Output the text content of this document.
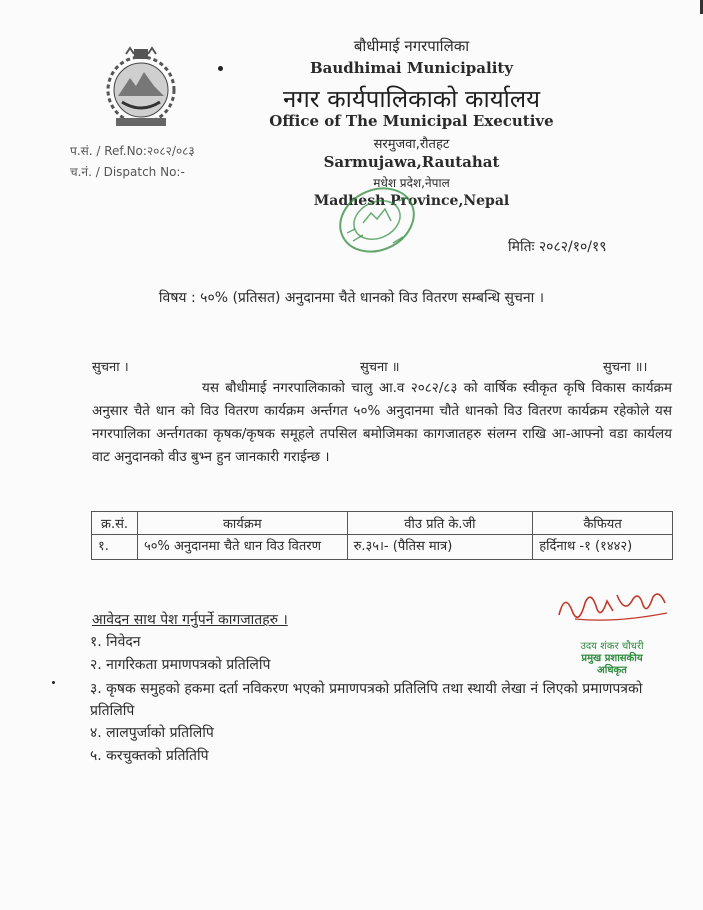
बौधीमाई नगरपालिका
Baudhimai Municipality
नगर कार्यपालिकाको कार्यालय
Office of The Municipal Executive
सरमुजवा,रौतहट
Sarmujawa,Rautahat
मधेश प्रदेश,नेपाल
Madhesh Province,Nepal
प.सं. / Ref.No:२०८२/०८३
च.नं. / Dispatch No:-
मितिः २०८२/१०/१९
विषय : ५०% (प्रतिसत) अनुदानमा चैते धानको विउ वितरण सम्बन्धि सुचना ।
सुचना ।	सुचना ॥	सुचना ॥।
यस बौधीमाई नगरपालिकाको चालु आ.व २०८२/८३ को वार्षिक स्वीकृत कृषि विकास कार्यक्रम अनुसार चैते धान को विउ वितरण कार्यक्रम अर्न्तगत ५०% अनुदानमा चौते धानको विउ वितरण कार्यक्रम रहेकोले यस नगरपालिका अर्न्तगतका कृषक/कृषक समूहले तपसिल बमोजिमका कागजातहरु संलग्न राखि आ-आफ्नो वडा कार्यलय वाट अनुदानको वीउ बुभ्न हुन जानकारी गराईन्छ ।
क्र.सं.	कार्यक्रम	वीउ प्रति के.जी	कैफियत
१.	५०% अनुदानमा चैते धान विउ वितरण	रु.३५।- (पैतिस मात्र)	हर्दिनाथ -१ (१४४२)
उदय शंकर चौधरी
प्रमुख प्रशासकीय अधिकृत
आवेदन साथ पेश गर्नुपर्ने कागजातहरु ।
१. निवेदन
२. नागरिकता प्रमाणपत्रको प्रतिलिपि
३. कृषक समुहको हकमा दर्ता नविकरण भएको प्रमाणपत्रको प्रतिलिपि तथा स्थायी लेखा नं लिएको प्रमाणपत्रको प्रतिलिपि
४. लालपुर्जाको प्रतिलिपि
५. करचुक्तको प्रतितिपि
